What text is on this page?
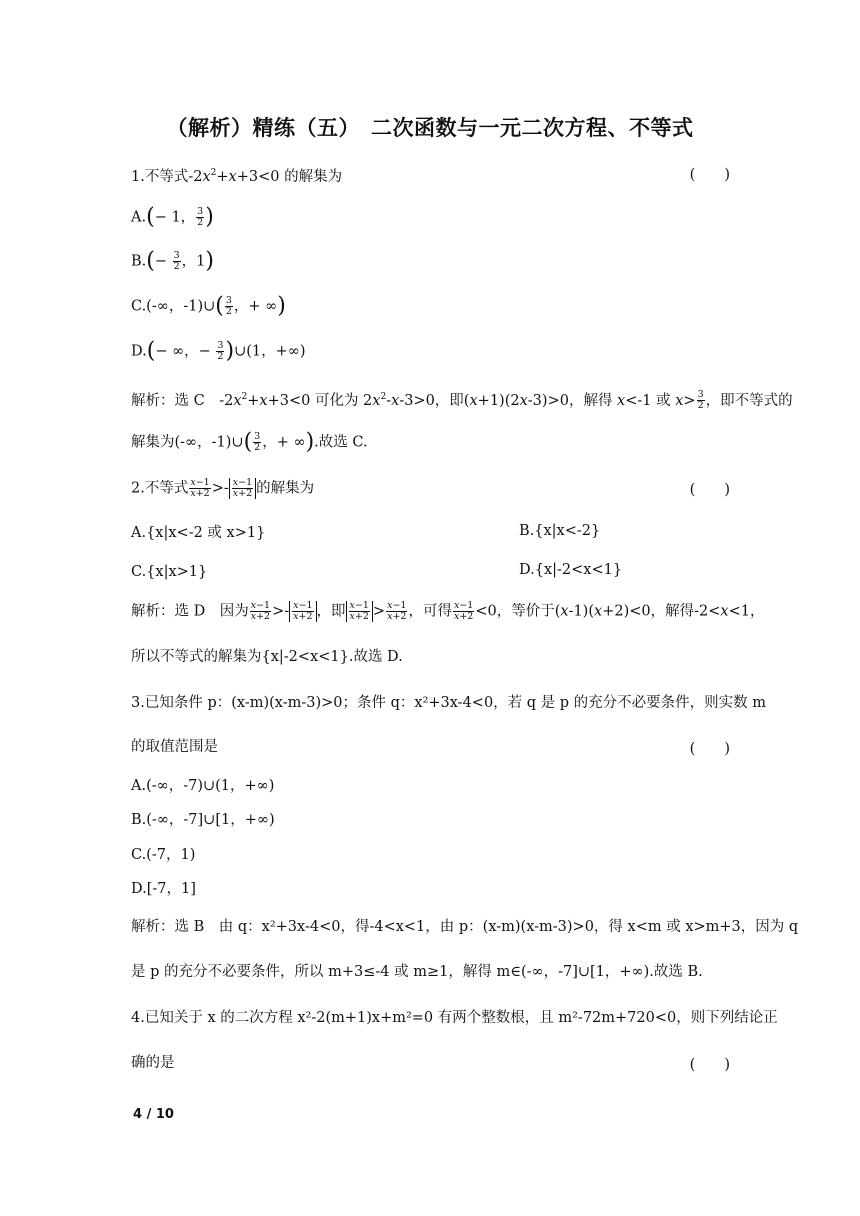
（解析）精练（五）　二次函数与一元二次方程、不等式
1.不等式$-2x^2+x+3<0$ 的解集为	(　　)
A.(− 1， $\frac{3}{2}$ )
$B.(- \frac{3}{2}$ ，1)
C.(-∞，-1)∪( $\frac{3}{2}$ ，+ ∞)
D.(− ∞，− $\frac{3}{2}$ )∪(1，+∞)
解析：选 C　$-2x^2+x+3<0$ 可化为 $2x^2-x-3>0$，即(x+1)(2x-3)>0，解得 x<-1 或 $x> \frac{3}{2}$ ，即不等式的
解集为(-∞，-1)∪( $\frac{3}{2}$ ，+ ∞).故选 C.
2.不等式 $\frac{x-1}{x+2} >- \frac{x-1}{x+2}$ 的解集为	(　　)
A.{x|x<-2 或 x>1}	B.{x|x<-2}
C.{x|x>1}	D.{x|-2<x<1}
解析：选 D　因为 $\frac{x-1}{x+2} >- \frac{x-1}{x+2}$ ，即 $\frac{x-1}{x+2} > \frac{x-1}{x+2}$ ，可得 $\frac{x-1}{x+2} <0$，等价于(x-1)(x+2)<0，解得-2<x<1，
所以不等式的解集为{x|-2<x<1}.故选 D.
3.已知条件 p：(x-m)(x-m-3)>0；条件 q：x²+3x-4<0，若 q 是 p 的充分不必要条件，则实数 m
的取值范围是	(　　)
A.(-∞，-7)∪(1，+∞)
B.(-∞，-7]∪[1，+∞)
C.(-7，1)
D.[-7，1]
解析：选 B　由 q：x²+3x-4<0，得-4<x<1，由 p：(x-m)(x-m-3)>0，得 x<m 或 x>m+3，因为 q
是 p 的充分不必要条件，所以 m+3≤-4 或 m≥1，解得 m∈(-∞，-7]∪[1，+∞).故选 B.
4.已知关于 x 的二次方程 x²-2(m+1)x+m²=0 有两个整数根，且 m²-72m+720<0，则下列结论正
确的是	(　　)
4 / 10
